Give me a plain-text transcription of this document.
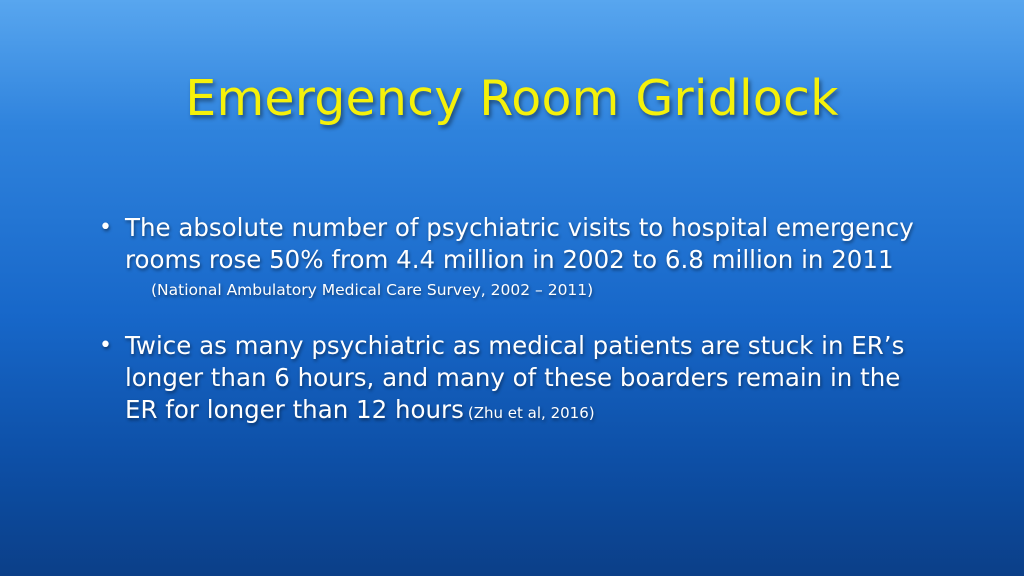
Emergency Room Gridlock
• The absolute number of psychiatric visits to hospital emergency
rooms rose 50% from 4.4 million in 2002 to 6.8 million in 2011
(National Ambulatory Medical Care Survey, 2002 – 2011)
• Twice as many psychiatric as medical patients are stuck in ER’s
longer than 6 hours, and many of these boarders remain in the
ER for longer than 12 hours (Zhu et al, 2016)
